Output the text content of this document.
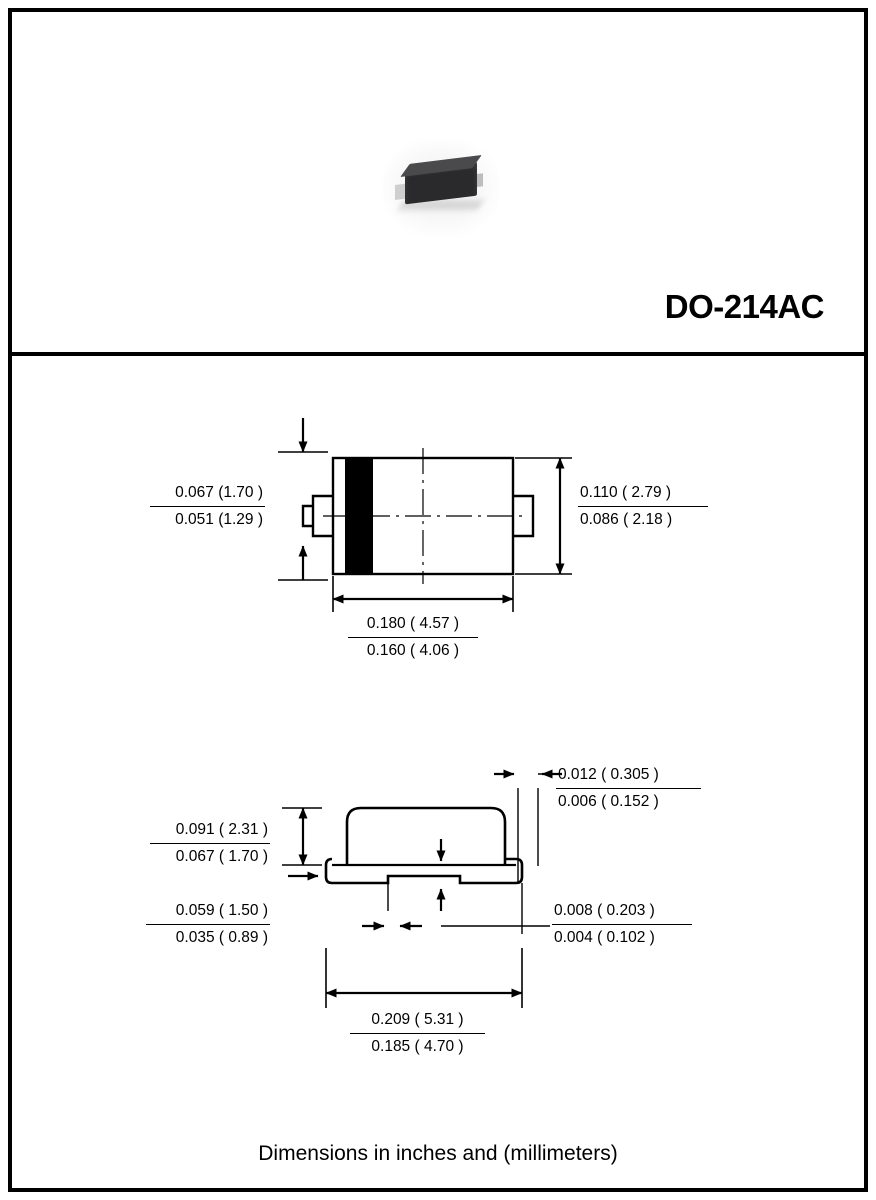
DO-214AC
0.067 (1.70 )
0.051 (1.29 )
0.110 ( 2.79 )
0.086 ( 2.18 )
0.180 ( 4.57 )
0.160 ( 4.06 )
0.012 ( 0.305 )
0.006 ( 0.152 )
0.091 ( 2.31 )
0.067 ( 1.70 )
0.059 ( 1.50 )
0.035 ( 0.89 )
0.008 ( 0.203 )
0.004 ( 0.102 )
0.209 ( 5.31 )
0.185 ( 4.70 )
Dimensions in inches and (millimeters)
